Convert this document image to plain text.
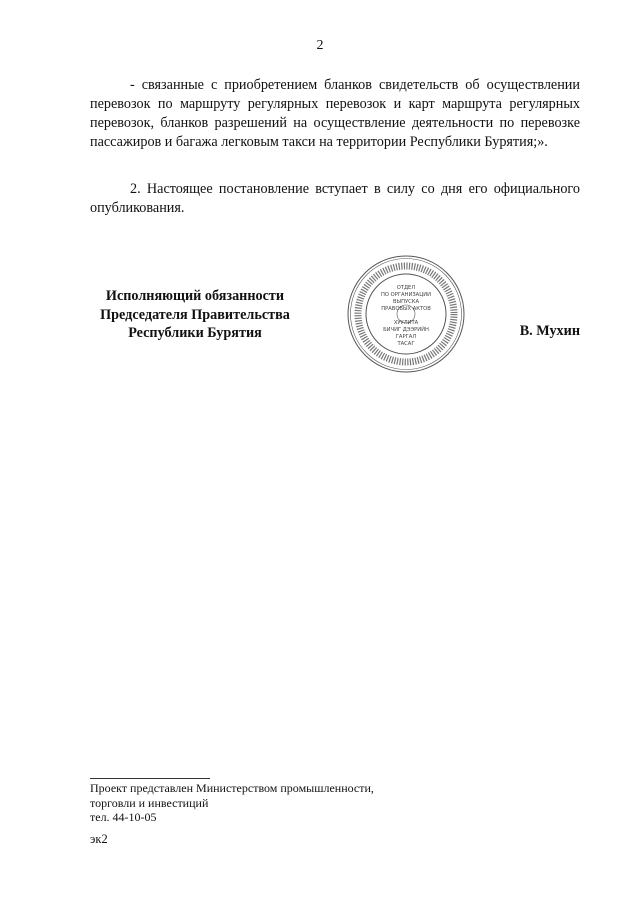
2
- связанные с приобретением бланков свидетельств об осуществлении перевозок по маршруту регулярных перевозок и карт маршрута регулярных перевозок, бланков разрешений на осуществление деятельности по перевозке пассажиров и багажа легковым такси на территории Республики Бурятия;».
2. Настоящее постановление вступает в силу со дня его официального опубликования.
Исполняющий обязанности
Председателя Правительства
Республики Бурятия
ОТДЕЛ
ПО ОРГАНИЗАЦИИ
ВЫПУСКА
ПРАВОВЫХ АКТОВ
ХУУЛИТА
БИЧИГ ДЭЭРИЙН
ГАРГАЛ
ТАСАГ
В. Мухин
Проект представлен Министерством промышленности,
торговли и инвестиций
тел. 44-10-05
эк2
